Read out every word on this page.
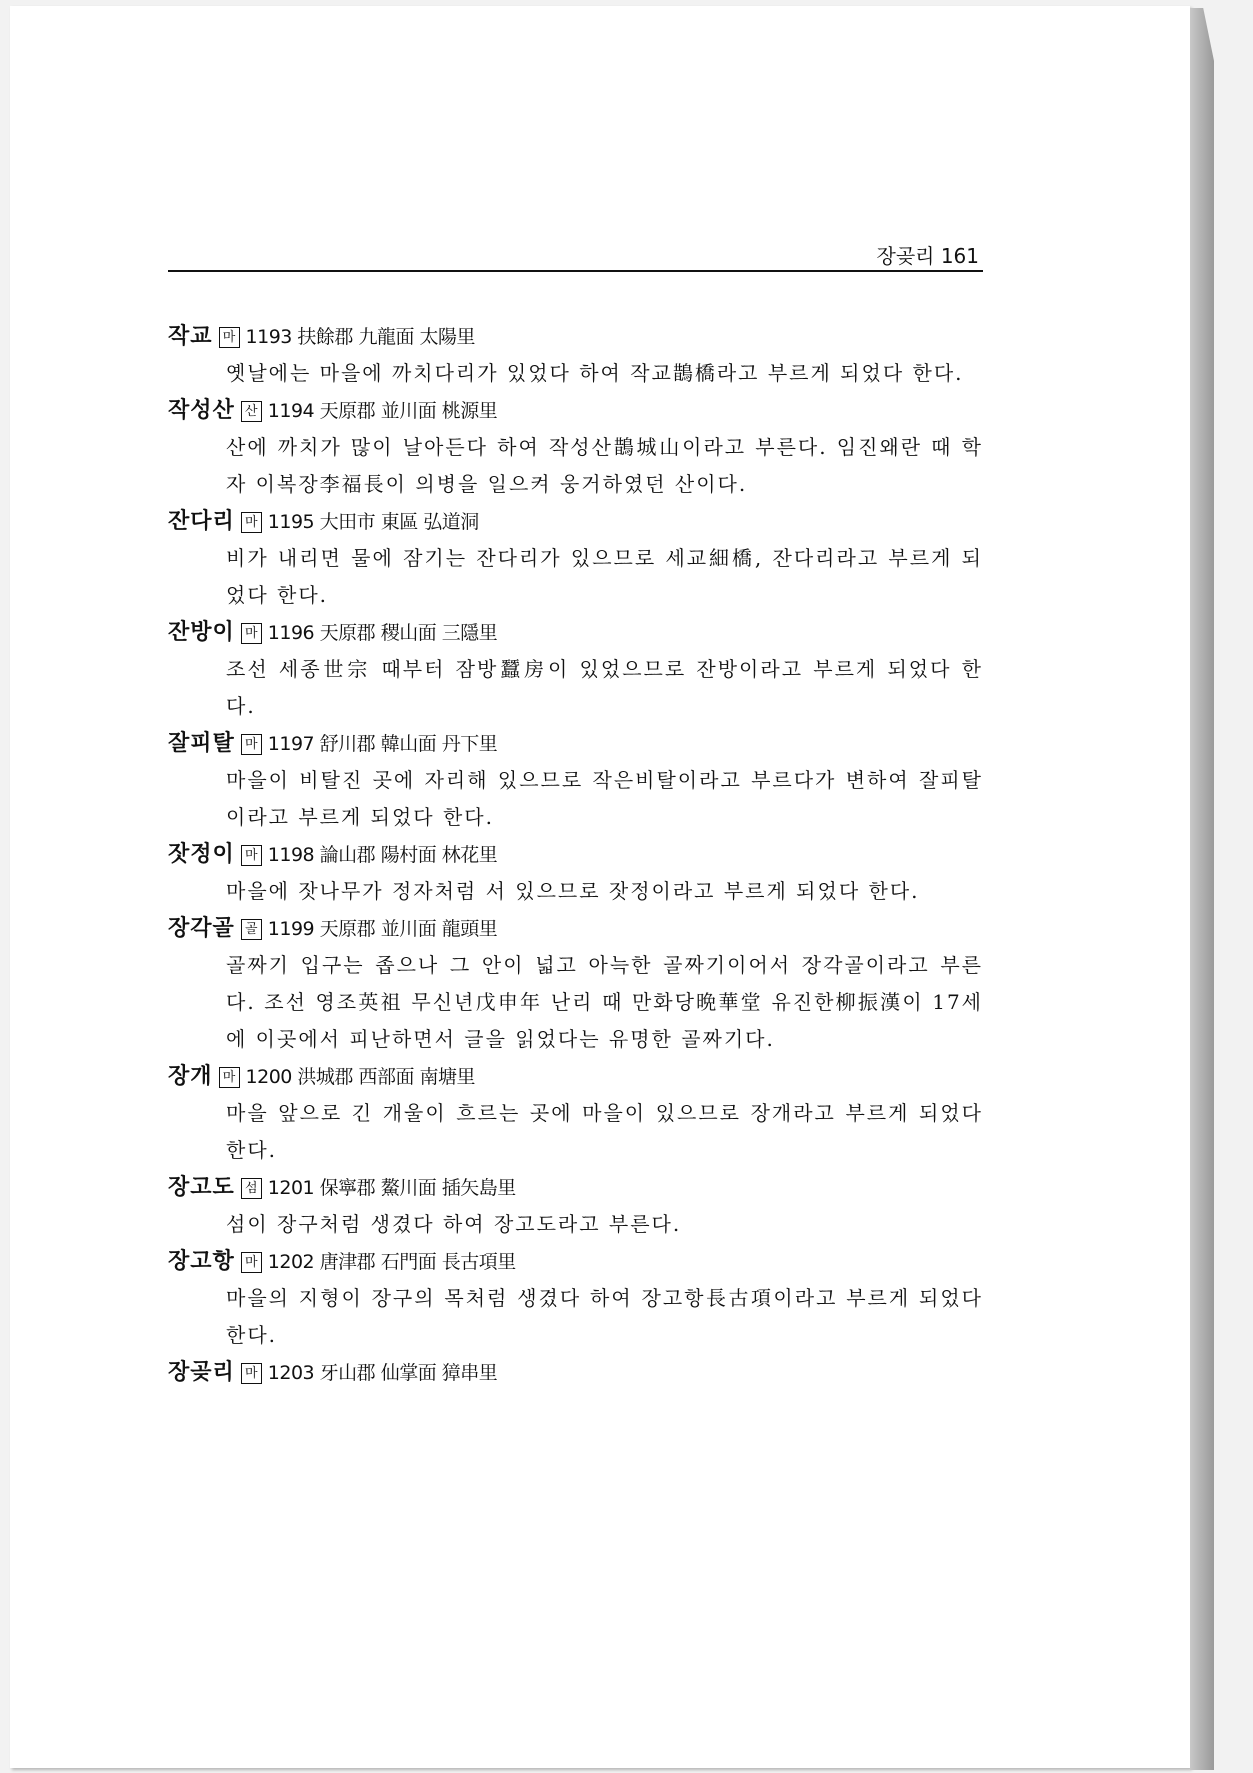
장곶리 161
작교 마 1193 扶餘郡 九龍面 太陽里

옛날에는 마을에 까치다리가 있었다 하여 작교鵲橋라고 부르게 되었다 한다.

작성산 산 1194 天原郡 並川面 桃源里

산에 까치가 많이 날아든다 하여 작성산鵲城山이라고 부른다. 임진왜란 때 학자 이복장李福長이 의병을 일으켜 웅거하였던 산이다.

잔다리 마 1195 大田市 東區 弘道洞

비가 내리면 물에 잠기는 잔다리가 있으므로 세교細橋, 잔다리라고 부르게 되었다 한다.

잔방이 마 1196 天原郡 稷山面 三隱里

조선 세종世宗 때부터 잠방蠶房이 있었으므로 잔방이라고 부르게 되었다 한다.

잘피탈 마 1197 舒川郡 韓山面 丹下里

마을이 비탈진 곳에 자리해 있으므로 작은비탈이라고 부르다가 변하여 잘피탈이라고 부르게 되었다 한다.

잣정이 마 1198 論山郡 陽村面 林花里

마을에 잣나무가 정자처럼 서 있으므로 잣정이라고 부르게 되었다 한다.

장각골 골 1199 天原郡 並川面 龍頭里

골짜기 입구는 좁으나 그 안이 넓고 아늑한 골짜기이어서 장각골이라고 부른다. 조선 영조英祖 무신년戊申年 난리 때 만화당晩華堂 유진한柳振漢이 17세에 이곳에서 피난하면서 글을 읽었다는 유명한 골짜기다.

장개 마 1200 洪城郡 西部面 南塘里

마을 앞으로 긴 개울이 흐르는 곳에 마을이 있으므로 장개라고 부르게 되었다 한다.

장고도 섬 1201 保寧郡 鰲川面 插矢島里

섬이 장구처럼 생겼다 하여 장고도라고 부른다.

장고항 마 1202 唐津郡 石門面 長古項里

마을의 지형이 장구의 목처럼 생겼다 하여 장고항長古項이라고 부르게 되었다 한다.

장곶리 마 1203 牙山郡 仙掌面 獐串里
